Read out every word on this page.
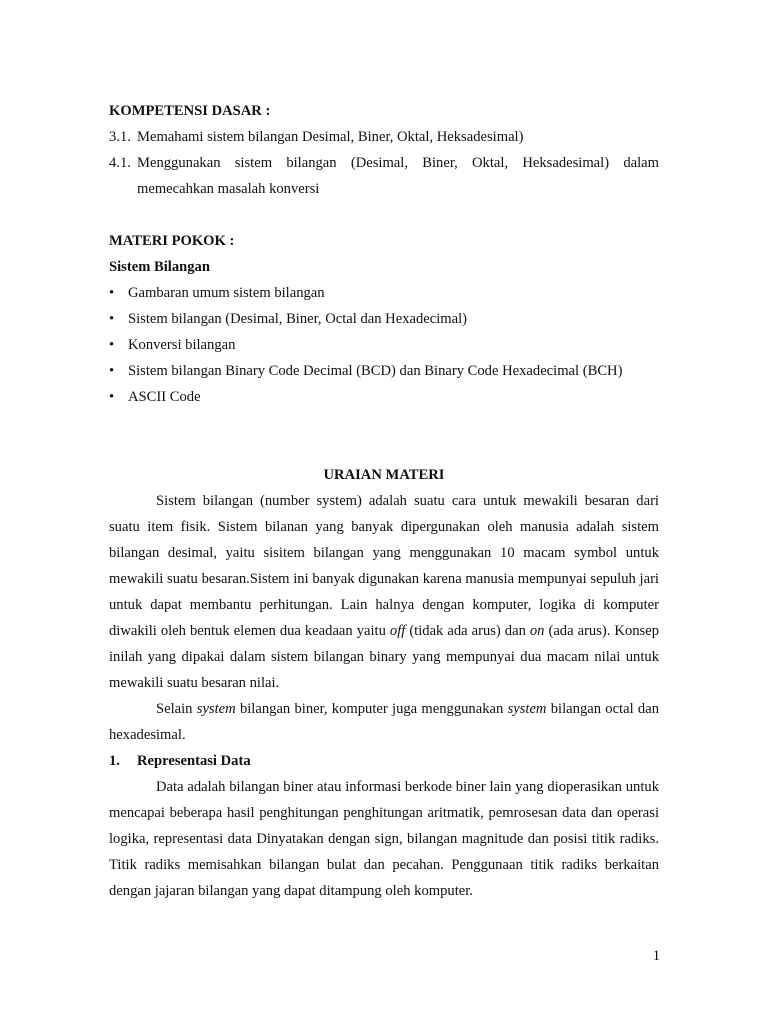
KOMPETENSI DASAR :
3.1. Memahami sistem bilangan Desimal, Biner, Oktal, Heksadesimal)
4.1. Menggunakan sistem bilangan (Desimal, Biner, Oktal, Heksadesimal) dalam memecahkan masalah konversi
MATERI POKOK :
Sistem Bilangan
• Gambaran umum sistem bilangan
• Sistem bilangan (Desimal, Biner, Octal dan Hexadecimal)
• Konversi bilangan
• Sistem bilangan Binary Code Decimal (BCD) dan Binary Code Hexadecimal (BCH)
• ASCII Code
URAIAN MATERI

Sistem bilangan (number system) adalah suatu cara untuk mewakili besaran dari suatu item fisik. Sistem bilanan yang banyak dipergunakan oleh manusia adalah sistem bilangan desimal, yaitu sisitem bilangan yang menggunakan 10 macam symbol untuk mewakili suatu besaran.Sistem ini banyak digunakan karena manusia mempunyai sepuluh jari untuk dapat membantu perhitungan. Lain halnya dengan komputer, logika di komputer diwakili oleh bentuk elemen dua keadaan yaitu off (tidak ada arus) dan on (ada arus). Konsep inilah yang dipakai dalam sistem bilangan binary yang mempunyai dua macam nilai untuk mewakili suatu besaran nilai.

Selain system bilangan biner, komputer juga menggunakan system bilangan octal dan hexadesimal.

1.	Representasi Data

Data adalah bilangan biner atau informasi berkode biner lain yang dioperasikan untuk mencapai beberapa hasil penghitungan penghitungan aritmatik, pemrosesan data dan operasi logika, representasi data Dinyatakan dengan sign, bilangan magnitude dan posisi titik radiks. Titik radiks memisahkan bilangan bulat dan pecahan. Penggunaan titik radiks berkaitan dengan jajaran bilangan yang dapat ditampung oleh komputer.

1
